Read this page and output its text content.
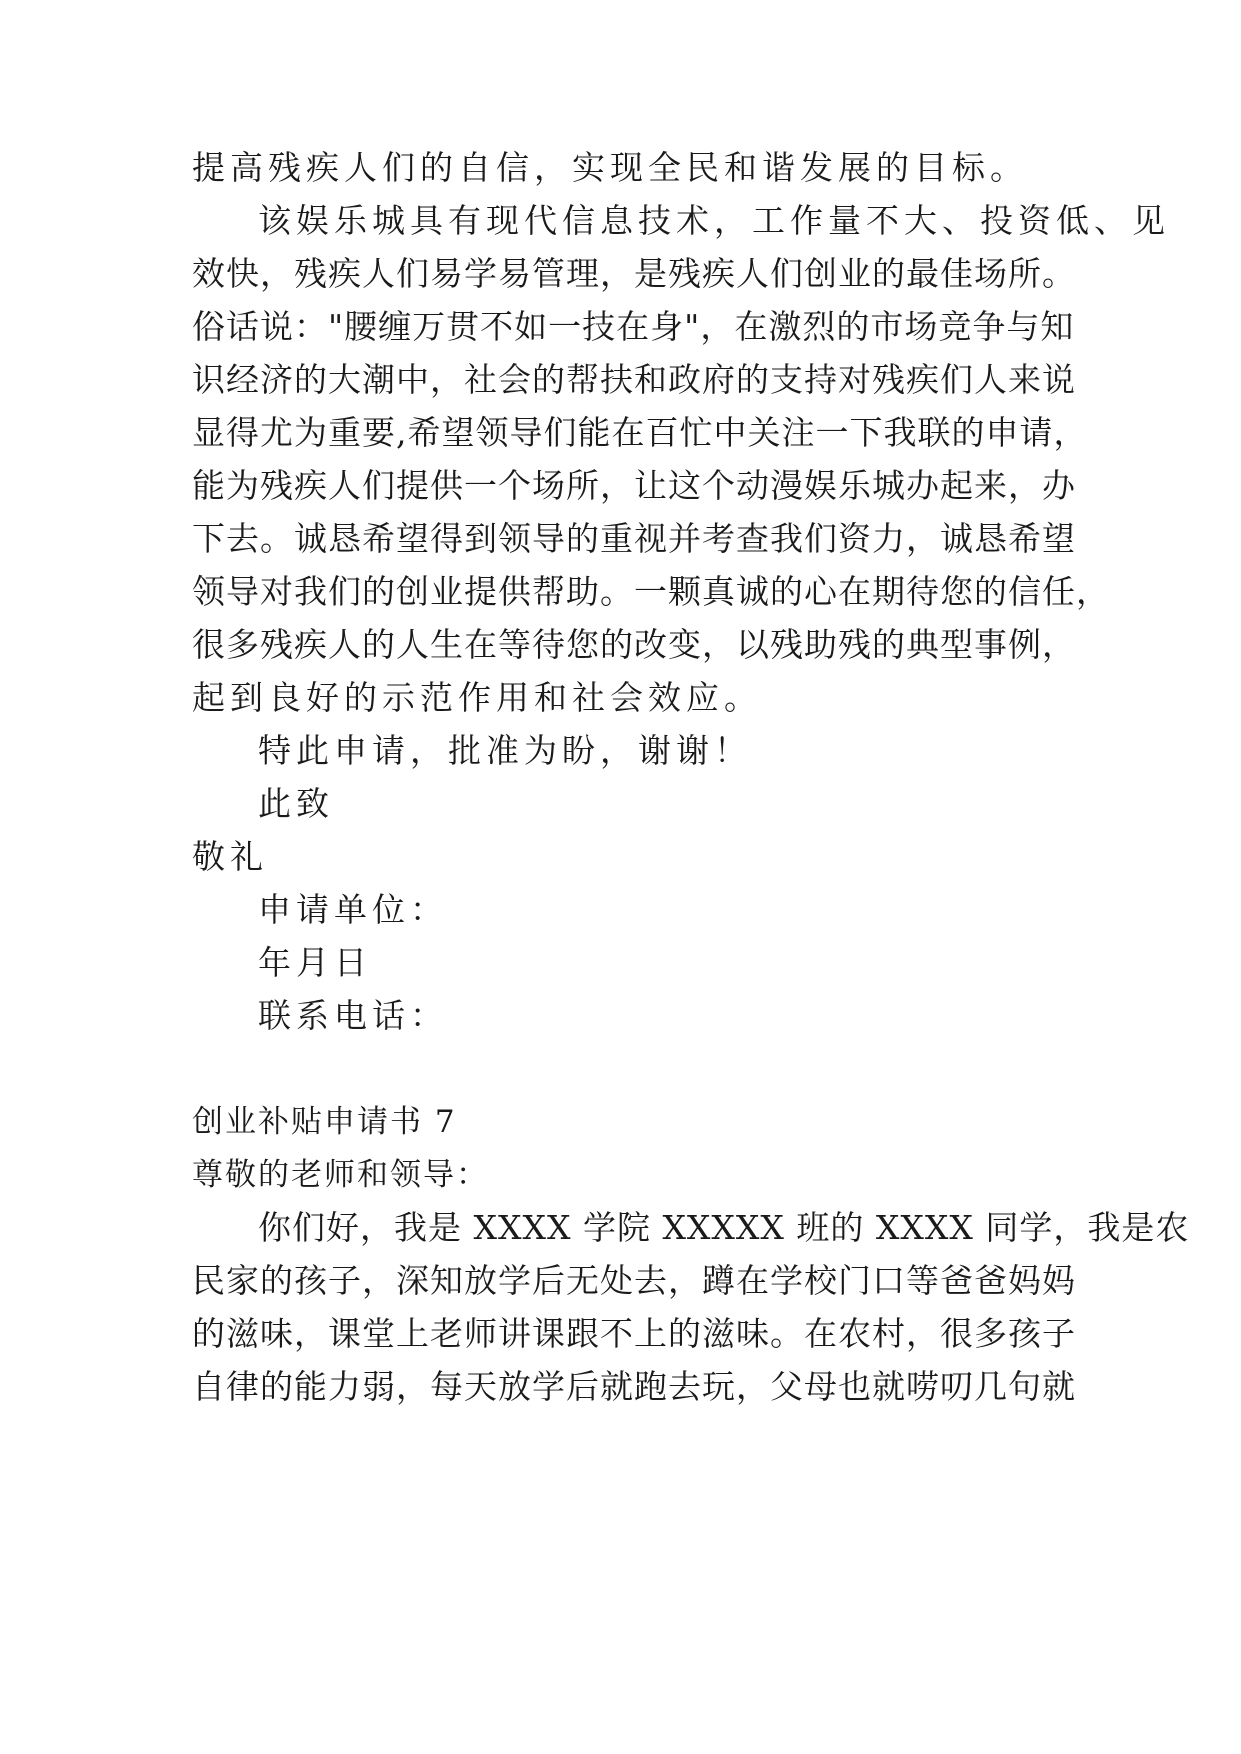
提高残疾人们的自信，实现全民和谐发展的目标。
该娱乐城具有现代信息技术，工作量不大、投资低、见
效快，残疾人们易学易管理，是残疾人们创业的最佳场所。
俗话说："腰缠万贯不如一技在身"，在激烈的市场竞争与知
识经济的大潮中，社会的帮扶和政府的支持对残疾们人来说
显得尤为重要,希望领导们能在百忙中关注一下我联的申请，
能为残疾人们提供一个场所，让这个动漫娱乐城办起来，办
下去。诚恳希望得到领导的重视并考查我们资力，诚恳希望
领导对我们的创业提供帮助。一颗真诚的心在期待您的信任，
很多残疾人的人生在等待您的改变，以残助残的典型事例，
起到良好的示范作用和社会效应。
特此申请，批准为盼，谢谢！
此致
敬礼
申请单位：
年月日
联系电话：
创业补贴申请书 7
尊敬的老师和领导：
你们好，我是 XXXX 学院 XXXXX 班的 XXXX 同学，我是农
民家的孩子，深知放学后无处去，蹲在学校门口等爸爸妈妈
的滋味，课堂上老师讲课跟不上的滋味。在农村，很多孩子
自律的能力弱，每天放学后就跑去玩，父母也就唠叨几句就
